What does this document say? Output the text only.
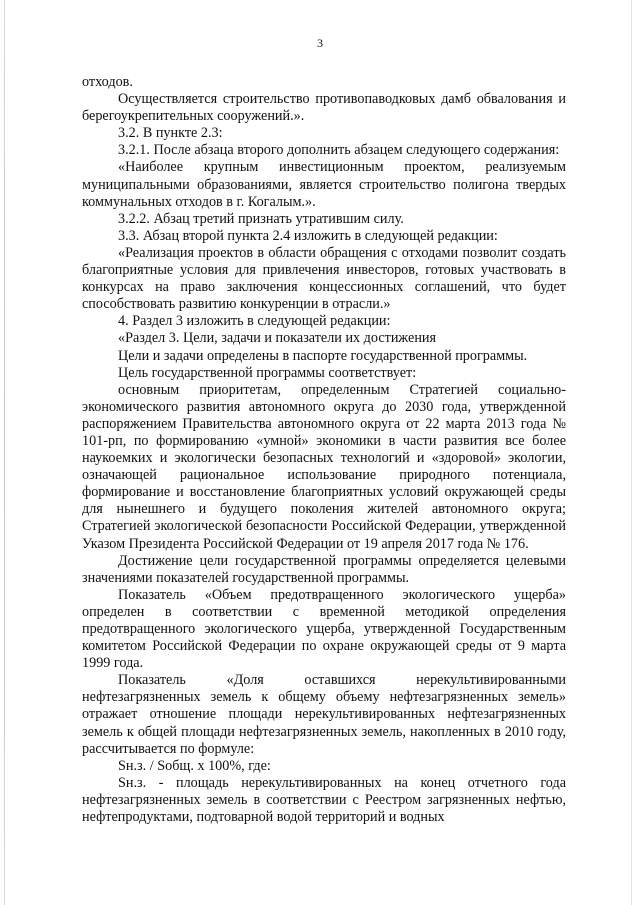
3

отходов.

Осуществляется строительство противопаводковых дамб обвалования и берегоукрепительных сооружений.».

3.2. В пункте 2.3:

3.2.1. После абзаца второго дополнить абзацем следующего содержания:

«Наиболее крупным инвестиционным проектом, реализуемым муниципальными образованиями, является строительство полигона твердых коммунальных отходов в г. Когалым.».

3.2.2. Абзац третий признать утратившим силу.

3.3. Абзац второй пункта 2.4 изложить в следующей редакции:

«Реализация проектов в области обращения с отходами позволит создать благоприятные условия для привлечения инвесторов, готовых участвовать в конкурсах на право заключения концессионных соглашений, что будет способствовать развитию конкуренции в отрасли.»

4. Раздел 3 изложить в следующей редакции:

«Раздел 3. Цели, задачи и показатели их достижения

Цели и задачи определены в паспорте государственной программы.

Цель государственной программы соответствует:

основным приоритетам, определенным Стратегией социально-экономического развития автономного округа до 2030 года, утвержденной распоряжением Правительства автономного округа от 22 марта 2013 года № 101-рп, по формированию «умной» экономики в части развития все более наукоемких и экологически безопасных технологий и «здоровой» экологии, означающей рациональное использование природного потенциала, формирование и восстановление благоприятных условий окружающей среды для нынешнего и будущего поколения жителей автономного округа; Стратегией экологической безопасности Российской Федерации, утвержденной Указом Президента Российской Федерации от 19 апреля 2017 года № 176.

Достижение цели государственной программы определяется целевыми значениями показателей государственной программы.

Показатель «Объем предотвращенного экологического ущерба» определен в соответствии с временной методикой определения предотвращенного экологического ущерба, утвержденной Государственным комитетом Российской Федерации по охране окружающей среды от 9 марта 1999 года.

Показатель «Доля оставшихся нерекультивированными нефтезагрязненных земель к общему объему нефтезагрязненных земель» отражает отношение площади нерекультивированных нефтезагрязненных земель к общей площади нефтезагрязненных земель, накопленных в 2010 году, рассчитывается по формуле:

Sн.з. / Sобщ. x 100%, где:

Sн.з. - площадь нерекультивированных на конец отчетного года нефтезагрязненных земель в соответствии с Реестром загрязненных нефтью, нефтепродуктами, подтоварной водой территорий и водных
